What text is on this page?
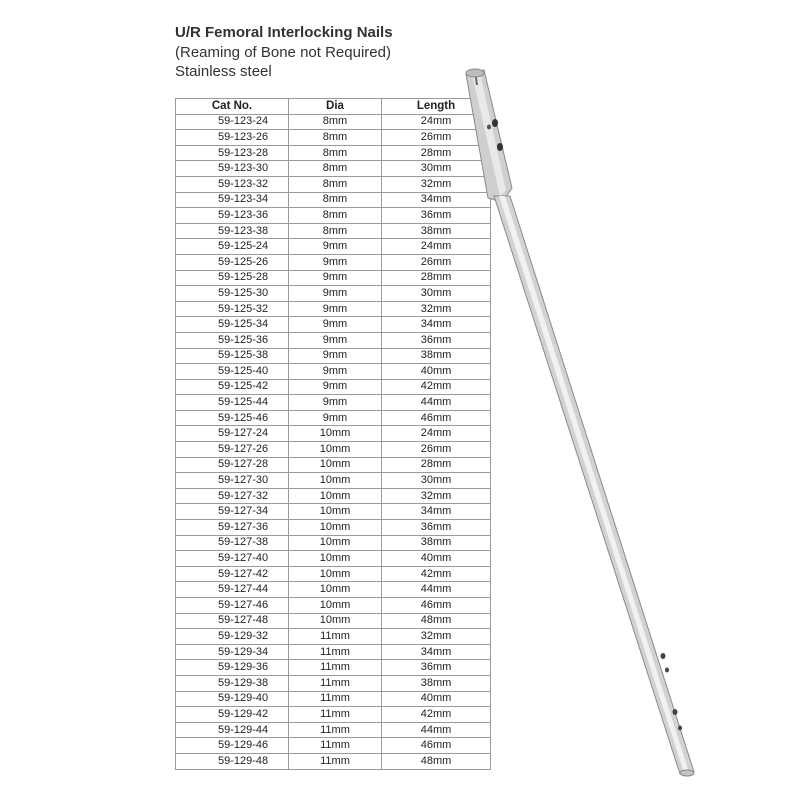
U/R Femoral Interlocking Nails
(Reaming of Bone not Required)
Stainless steel
Cat No.	Dia	Length
59-123-24	8mm	24mm
59-123-26	8mm	26mm
59-123-28	8mm	28mm
59-123-30	8mm	30mm
59-123-32	8mm	32mm
59-123-34	8mm	34mm
59-123-36	8mm	36mm
59-123-38	8mm	38mm
59-125-24	9mm	24mm
59-125-26	9mm	26mm
59-125-28	9mm	28mm
59-125-30	9mm	30mm
59-125-32	9mm	32mm
59-125-34	9mm	34mm
59-125-36	9mm	36mm
59-125-38	9mm	38mm
59-125-40	9mm	40mm
59-125-42	9mm	42mm
59-125-44	9mm	44mm
59-125-46	9mm	46mm
59-127-24	10mm	24mm
59-127-26	10mm	26mm
59-127-28	10mm	28mm
59-127-30	10mm	30mm
59-127-32	10mm	32mm
59-127-34	10mm	34mm
59-127-36	10mm	36mm
59-127-38	10mm	38mm
59-127-40	10mm	40mm
59-127-42	10mm	42mm
59-127-44	10mm	44mm
59-127-46	10mm	46mm
59-127-48	10mm	48mm
59-129-32	11mm	32mm
59-129-34	11mm	34mm
59-129-36	11mm	36mm
59-129-38	11mm	38mm
59-129-40	11mm	40mm
59-129-42	11mm	42mm
59-129-44	11mm	44mm
59-129-46	11mm	46mm
59-129-48	11mm	48mm
